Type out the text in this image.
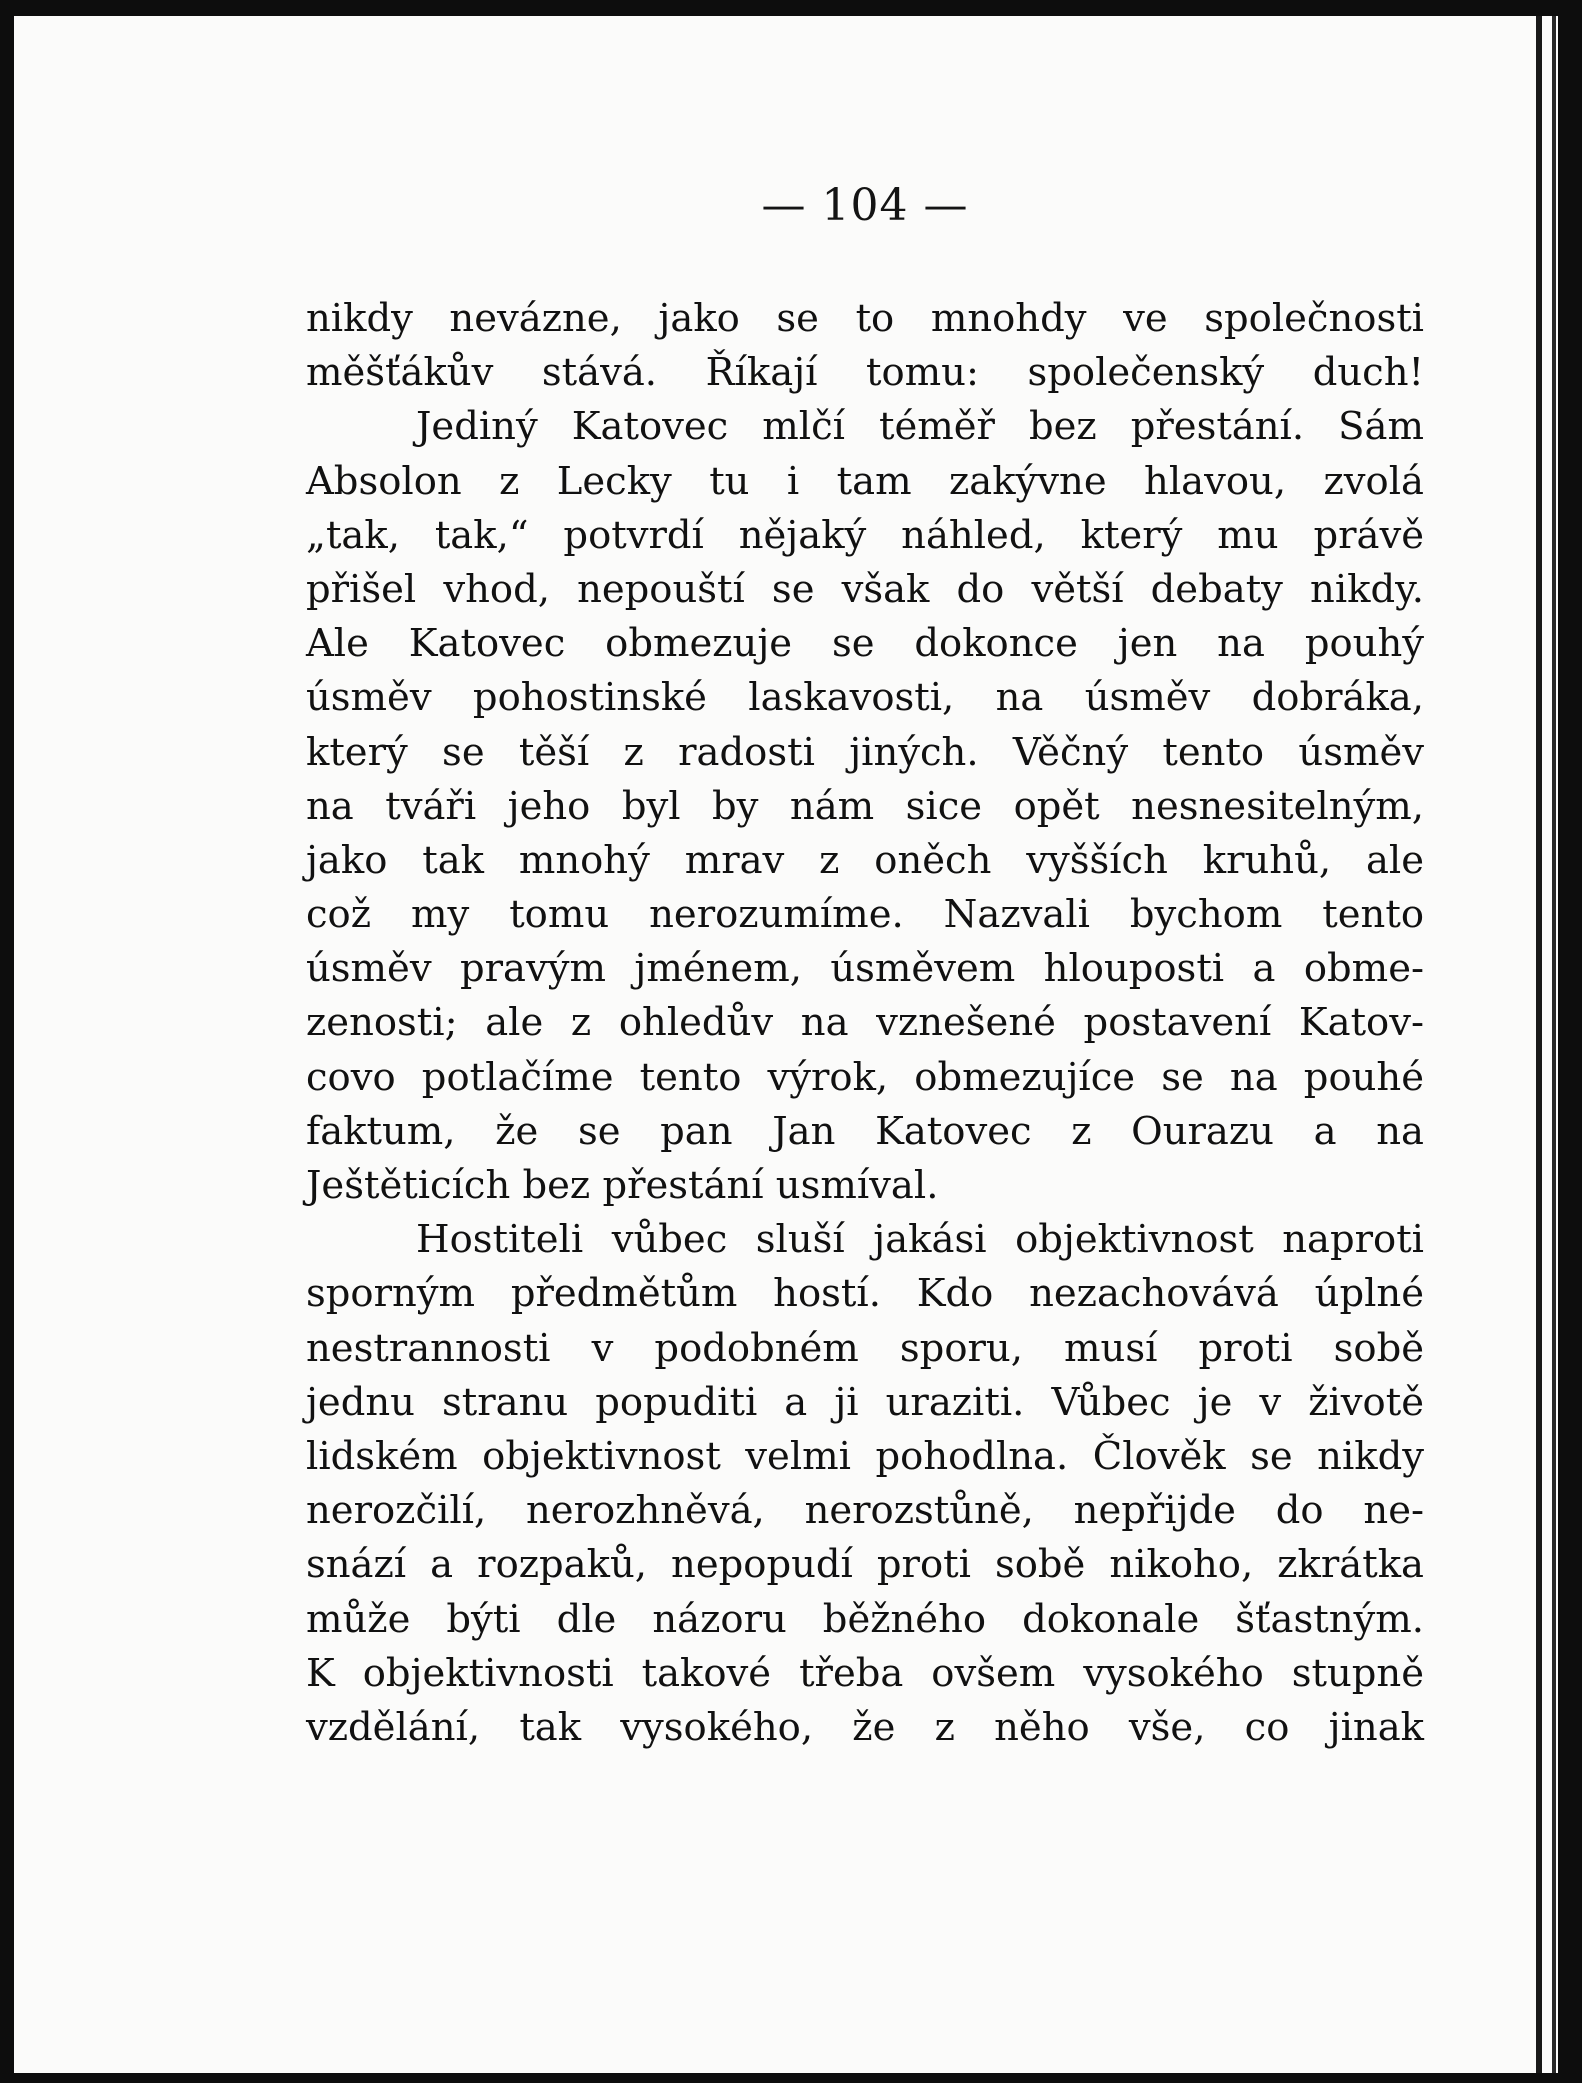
— 104 —
nikdy nevázne, jako se to mnohdy ve společnosti
měšťákův stává. Říkají tomu: společenský duch!
Jediný Katovec mlčí téměř bez přestání. Sám
Absolon z Lecky tu i tam zakývne hlavou, zvolá
„tak, tak,“ potvrdí nějaký náhled, který mu právě
přišel vhod, nepouští se však do větší debaty nikdy.
Ale Katovec obmezuje se dokonce jen na pouhý
úsměv pohostinské laskavosti, na úsměv dobráka,
který se těší z radosti jiných. Věčný tento úsměv
na tváři jeho byl by nám sice opět nesnesitelným,
jako tak mnohý mrav z oněch vyšších kruhů, ale
což my tomu nerozumíme. Nazvali bychom tento
úsměv pravým jménem, úsměvem hlouposti a obme-
zenosti; ale z ohledův na vznešené postavení Katov-
covo potlačíme tento výrok, obmezujíce se na pouhé
faktum, že se pan Jan Katovec z Ourazu a na
Ještěticích bez přestání usmíval.
Hostiteli vůbec sluší jakási objektivnost naproti
sporným předmětům hostí. Kdo nezachovává úplné
nestrannosti v podobném sporu, musí proti sobě
jednu stranu popuditi a ji uraziti. Vůbec je v životě
lidském objektivnost velmi pohodlna. Člověk se nikdy
nerozčilí, nerozhněvá, nerozstůně, nepřijde do ne-
snází a rozpaků, nepopudí proti sobě nikoho, zkrátka
může býti dle názoru běžného dokonale šťastným.
K objektivnosti takové třeba ovšem vysokého stupně
vzdělání, tak vysokého, že z něho vše, co jinak
